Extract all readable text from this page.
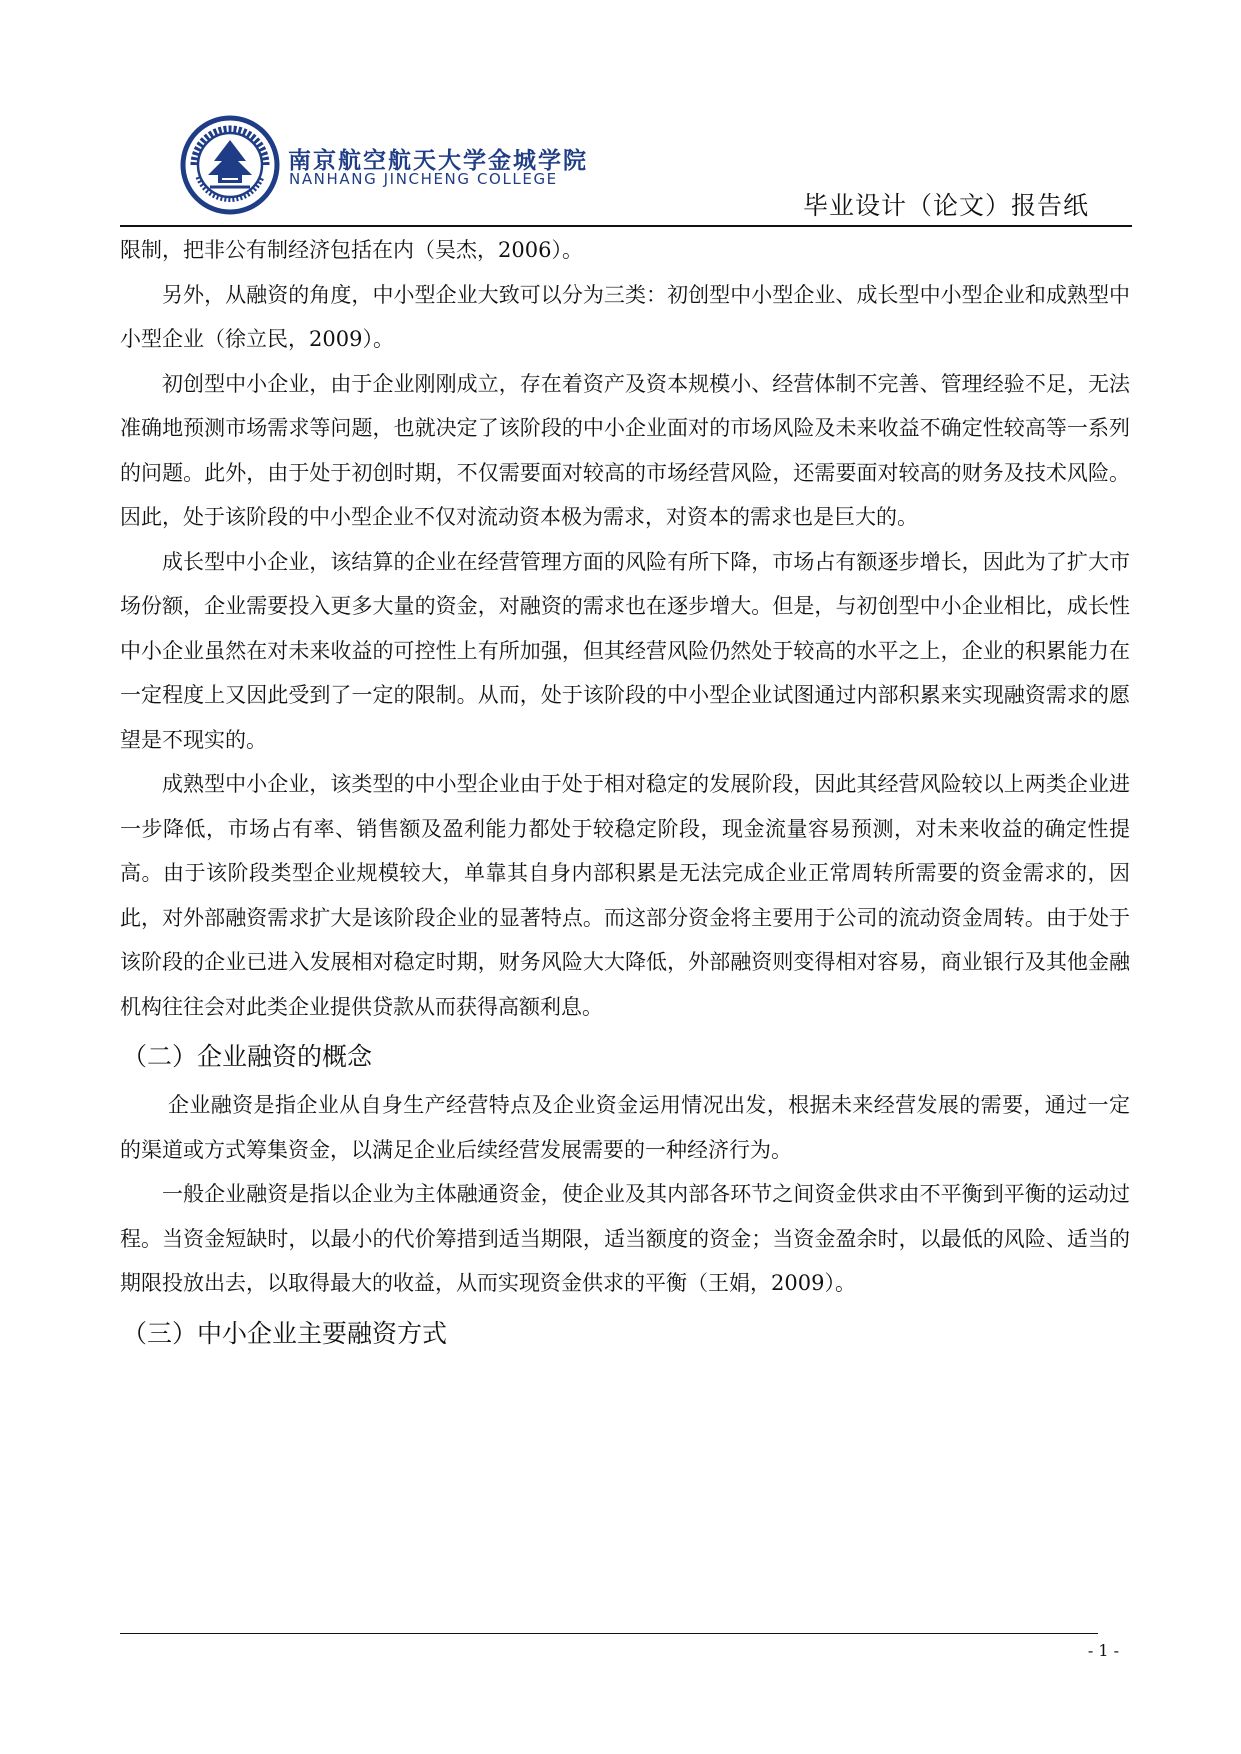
南京航空航天大学金城学院
NANHANG JINCHENG COLLEGE
毕业设计（论文）报告纸

限制，把非公有制经济包括在内（吴杰，2006）。

另外，从融资的角度，中小型企业大致可以分为三类：初创型中小型企业、成长型中小型企业和成熟型中小型企业（徐立民，2009）。

初创型中小企业，由于企业刚刚成立，存在着资产及资本规模小、经营体制不完善、管理经验不足，无法准确地预测市场需求等问题，也就决定了该阶段的中小企业面对的市场风险及未来收益不确定性较高等一系列的问题。此外，由于处于初创时期，不仅需要面对较高的市场经营风险，还需要面对较高的财务及技术风险。因此，处于该阶段的中小型企业不仅对流动资本极为需求，对资本的需求也是巨大的。

成长型中小企业，该结算的企业在经营管理方面的风险有所下降，市场占有额逐步增长，因此为了扩大市场份额，企业需要投入更多大量的资金，对融资的需求也在逐步增大。但是，与初创型中小企业相比，成长性中小企业虽然在对未来收益的可控性上有所加强，但其经营风险仍然处于较高的水平之上，企业的积累能力在一定程度上又因此受到了一定的限制。从而，处于该阶段的中小型企业试图通过内部积累来实现融资需求的愿望是不现实的。

成熟型中小企业，该类型的中小型企业由于处于相对稳定的发展阶段，因此其经营风险较以上两类企业进一步降低，市场占有率、销售额及盈利能力都处于较稳定阶段，现金流量容易预测，对未来收益的确定性提高。由于该阶段类型企业规模较大，单靠其自身内部积累是无法完成企业正常周转所需要的资金需求的，因此，对外部融资需求扩大是该阶段企业的显著特点。而这部分资金将主要用于公司的流动资金周转。由于处于该阶段的企业已进入发展相对稳定时期，财务风险大大降低，外部融资则变得相对容易，商业银行及其他金融机构往往会对此类企业提供贷款从而获得高额利息。

（二）企业融资的概念

企业融资是指企业从自身生产经营特点及企业资金运用情况出发，根据未来经营发展的需要，通过一定的渠道或方式筹集资金，以满足企业后续经营发展需要的一种经济行为。

一般企业融资是指以企业为主体融通资金，使企业及其内部各环节之间资金供求由不平衡到平衡的运动过程。当资金短缺时，以最小的代价筹措到适当期限，适当额度的资金；当资金盈余时，以最低的风险、适当的期限投放出去，以取得最大的收益，从而实现资金供求的平衡（王娟，2009）。

（三）中小企业主要融资方式
- 1 -
